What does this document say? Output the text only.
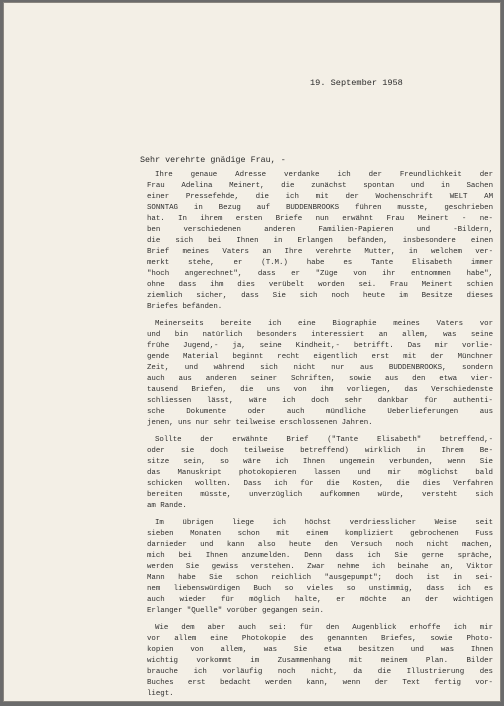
19. September 1958
Sehr verehrte gnädige Frau, -
Ihre genaue Adresse verdanke ich der Freundlichkeit der
Frau Adelina Meinert, die zunächst spontan und in Sachen
einer Pressefehde, die ich mit der Wochenschrift WELT AM
SONNTAG in Bezug auf BUDDENBROOKS führen musste, geschrieben
hat. In ihrem ersten Briefe nun erwähnt Frau Meinert - ne-
ben verschiedenen anderen Familien-Papieren und -Bildern,
die sich bei Ihnen in Erlangen befänden, insbesondere einen
Brief meines Vaters an Ihre verehrte Mutter, in welchem ver-
merkt stehe, er (T.M.) habe es Tante Elisabeth immer
"hoch angerechnet", dass er "Züge von ihr entnommen habe",
ohne dass ihm dies verübelt worden sei. Frau Meinert schien
ziemlich sicher, dass Sie sich noch heute im Besitze dieses
Briefes befänden.
Meinerseits bereite ich eine Biographie meines Vaters vor
und bin natürlich besonders interessiert an allem, was seine
frühe Jugend,- ja, seine Kindheit,- betrifft. Das mir vorlie-
gende Material beginnt recht eigentlich erst mit der Münchner
Zeit, und während sich nicht nur aus BUDDENBROOKS, sondern
auch aus anderen seiner Schriften, sowie aus den etwa vier-
tausend Briefen, die uns von ihm vorliegen, das Verschiedenste
schliessen lässt, wäre ich doch sehr dankbar für authenti-
sche Dokumente oder auch mündliche Ueberlieferungen aus
jenen, uns nur sehr teilweise erschlossenen Jahren.
Sollte der erwähnte Brief ("Tante Elisabeth" betreffend,-
oder sie doch teilweise betreffend) wirklich in Ihrem Be-
sitze sein, so wäre ich Ihnen ungemein verbunden, wenn Sie
das Manuskript photokopieren lassen und mir möglichst bald
schicken wollten. Dass ich für die Kosten, die dies Verfahren
bereiten müsste, unverzüglich aufkommen würde, versteht sich
am Rande.
Im übrigen liege ich höchst verdriesslicher Weise seit
sieben Monaten schon mit einem kompliziert gebrochenen Fuss
darnieder und kann also heute den Versuch noch nicht machen,
mich bei Ihnen anzumelden. Denn dass ich Sie gerne spräche,
werden Sie gewiss verstehen. Zwar nehme ich beinahe an, Viktor
Mann habe Sie schon reichlich "ausgepumpt"; doch ist in sei-
nem liebenswürdigen Buch so vieles so unstimmig, dass ich es
auch wieder für möglich halte, er möchte an der wichtigen
Erlanger "Quelle" vorüber gegangen sein.
Wie dem aber auch sei: für den Augenblick erhoffe ich mir
vor allem eine Photokopie des genannten Briefes, sowie Photo-
kopien von allem, was Sie etwa besitzen und was Ihnen
wichtig vorkommt im Zusammenhang mit meinem Plan. Bilder
brauche ich vorläufig noch nicht, da die Illustrierung des
Buches erst bedacht werden kann, wenn der Text fertig vor-
liegt.
